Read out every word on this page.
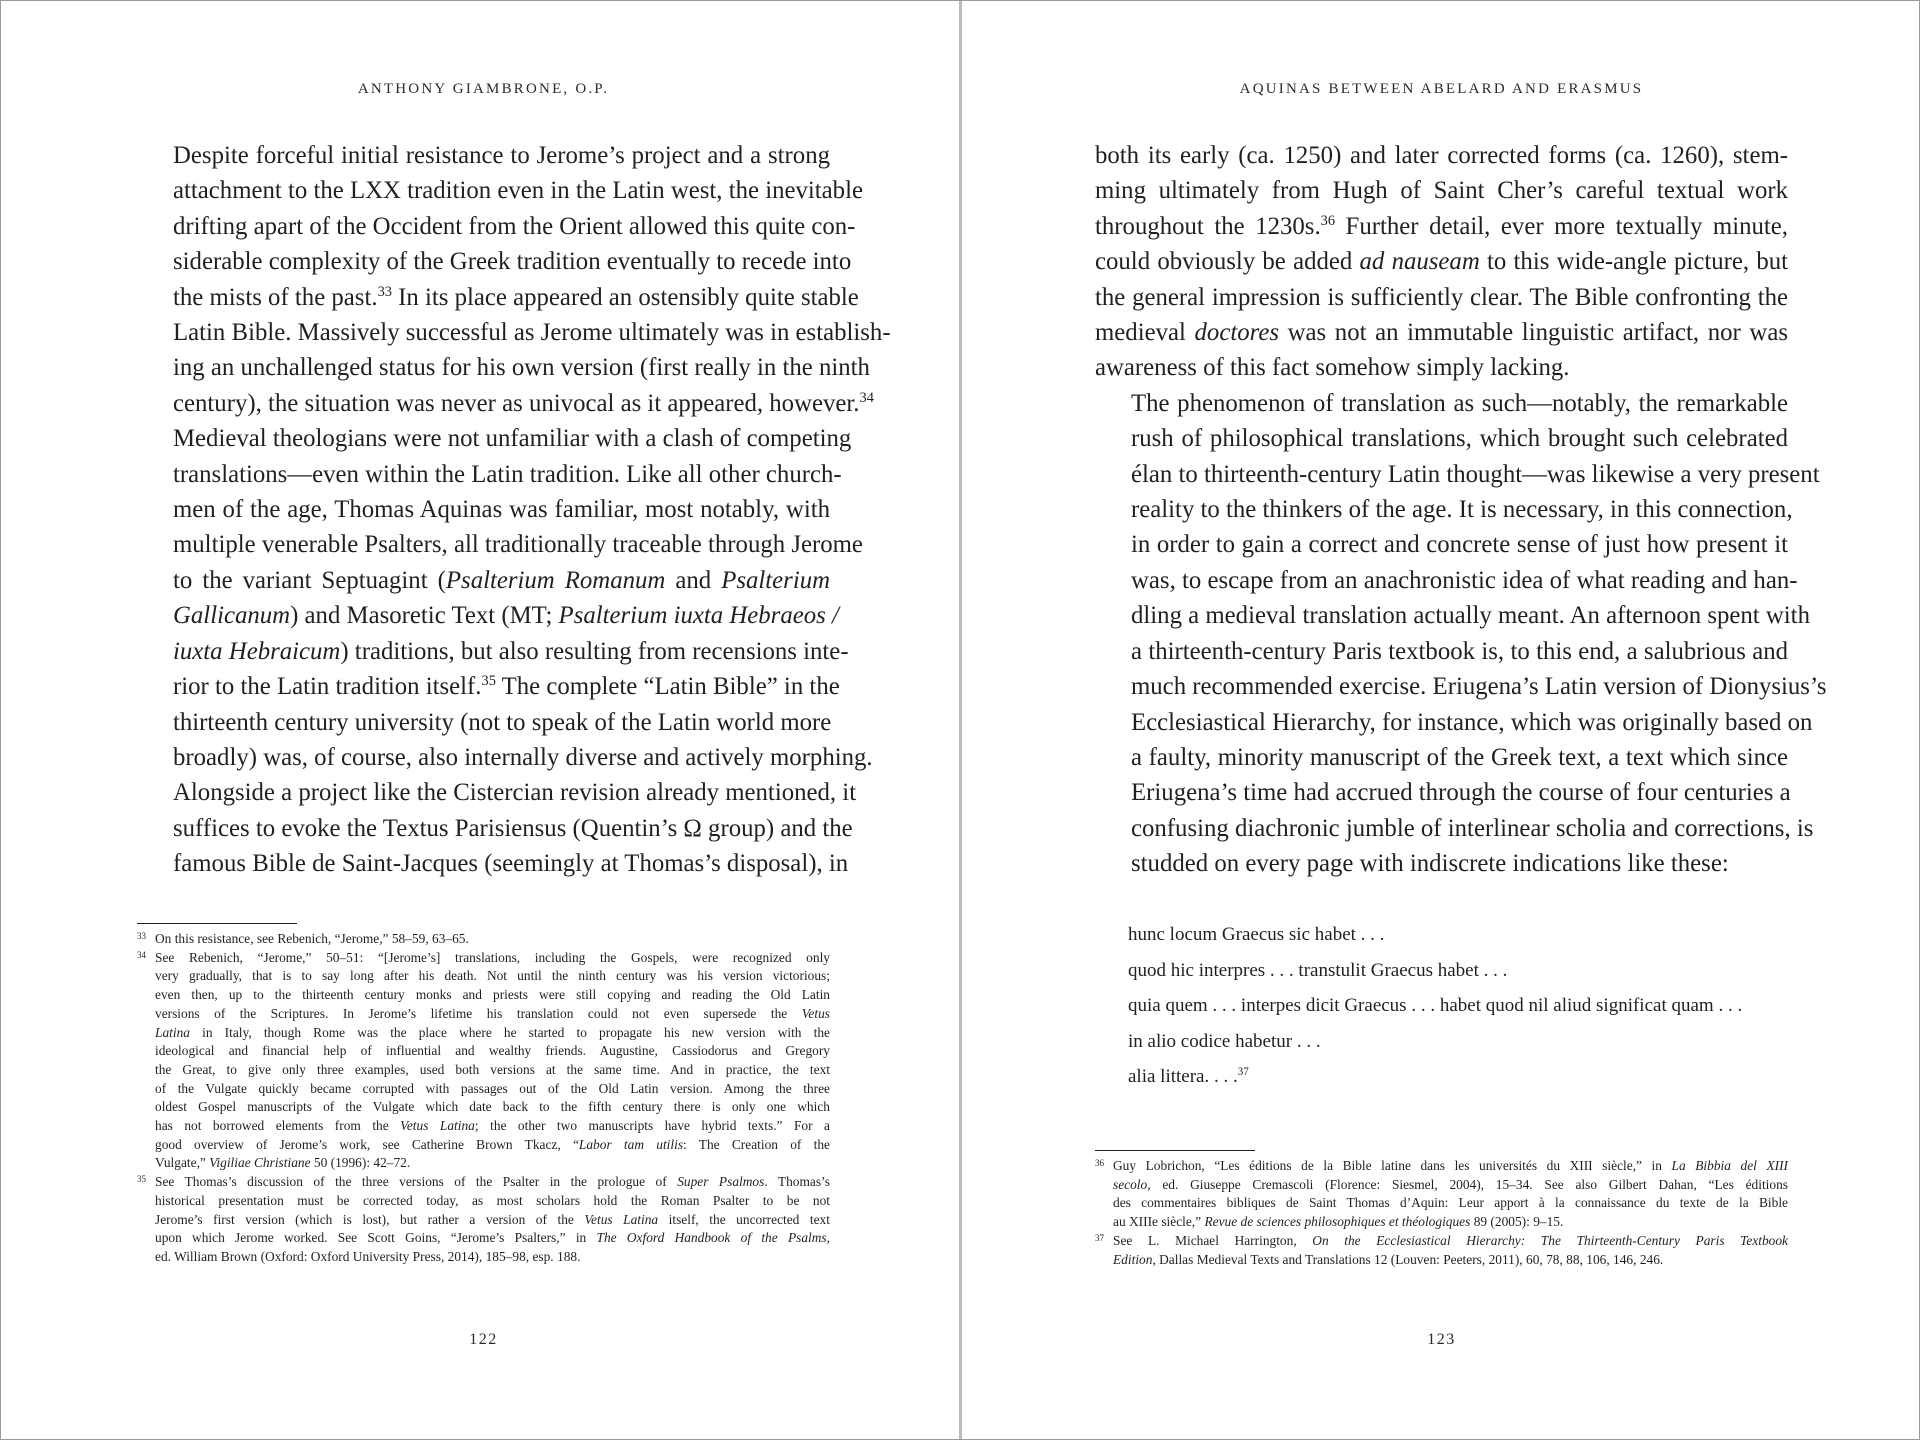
ANTHONY GIAMBRONE, O.P.

Despite forceful initial resistance to Jerome’s project and a strong
attachment to the LXX tradition even in the Latin west, the inevitable
drifting apart of the Occident from the Orient allowed this quite con-
siderable complexity of the Greek tradition eventually to recede into
the mists of the past.$^{33}$ In its place appeared an ostensibly quite stable
Latin Bible. Massively successful as Jerome ultimately was in establish-
ing an unchallenged status for his own version (first really in the ninth
century), the situation was never as univocal as it appeared, however.$^{34}$
Medieval theologians were not unfamiliar with a clash of competing
translations—even within the Latin tradition. Like all other church-
men of the age, Thomas Aquinas was familiar, most notably, with
multiple venerable Psalters, all traditionally traceable through Jerome
to the variant Septuagint (Psalterium Romanum and Psalterium
Gallicanum) and Masoretic Text (MT; Psalterium iuxta Hebraeos /
iuxta Hebraicum) traditions, but also resulting from recensions inte-
rior to the Latin tradition itself.$^{35}$ The complete “Latin Bible” in the
thirteenth century university (not to speak of the Latin world more
broadly) was, of course, also internally diverse and actively morphing.
Alongside a project like the Cistercian revision already mentioned, it
suffices to evoke the Textus Parisiensus (Quentin’s Ω group) and the
famous Bible de Saint-Jacques (seemingly at Thomas’s disposal), in

33 On this resistance, see Rebenich, “Jerome,” 58–59, 63–65.
34 See Rebenich, “Jerome,” 50–51: “[Jerome’s] translations, including the Gospels, were recognized only
very gradually, that is to say long after his death. Not until the ninth century was his version victorious;
even then, up to the thirteenth century monks and priests were still copying and reading the Old Latin
versions of the Scriptures. In Jerome’s lifetime his translation could not even supersede the Vetus
Latina in Italy, though Rome was the place where he started to propagate his new version with the
ideological and financial help of influential and wealthy friends. Augustine, Cassiodorus and Gregory
the Great, to give only three examples, used both versions at the same time. And in practice, the text
of the Vulgate quickly became corrupted with passages out of the Old Latin version. Among the three
oldest Gospel manuscripts of the Vulgate which date back to the fifth century there is only one which
has not borrowed elements from the Vetus Latina; the other two manuscripts have hybrid texts.” For a
good overview of Jerome’s work, see Catherine Brown Tkacz, “Labor tam utilis: The Creation of the
Vulgate,” Vigiliae Christiane 50 (1996): 42–72.
35 See Thomas’s discussion of the three versions of the Psalter in the prologue of Super Psalmos. Thomas’s
historical presentation must be corrected today, as most scholars hold the Roman Psalter to be not
Jerome’s first version (which is lost), but rather a version of the Vetus Latina itself, the uncorrected text
upon which Jerome worked. See Scott Goins, “Jerome’s Psalters,” in The Oxford Handbook of the Psalms,
ed. William Brown (Oxford: Oxford University Press, 2014), 185–98, esp. 188.
122
AQUINAS BETWEEN ABELARD AND ERASMUS

both its early (ca. 1250) and later corrected forms (ca. 1260), stem-
ming ultimately from Hugh of Saint Cher’s careful textual work
throughout the 1230s.$^{36}$ Further detail, ever more textually minute,
could obviously be added ad nauseam to this wide-angle picture, but
the general impression is sufficiently clear. The Bible confronting the
medieval doctores was not an immutable linguistic artifact, nor was
awareness of this fact somehow simply lacking.

The phenomenon of translation as such—notably, the remarkable
rush of philosophical translations, which brought such celebrated
élan to thirteenth-century Latin thought—was likewise a very present
reality to the thinkers of the age. It is necessary, in this connection,
in order to gain a correct and concrete sense of just how present it
was, to escape from an anachronistic idea of what reading and han-
dling a medieval translation actually meant. An afternoon spent with
a thirteenth-century Paris textbook is, to this end, a salubrious and
much recommended exercise. Eriugena’s Latin version of Dionysius’s
Ecclesiastical Hierarchy, for instance, which was originally based on
a faulty, minority manuscript of the Greek text, a text which since
Eriugena’s time had accrued through the course of four centuries a
confusing diachronic jumble of interlinear scholia and corrections, is
studded on every page with indiscrete indications like these:

hunc locum Graecus sic habet . . .
quod hic interpres . . . transtulit Graecus habet . . .
quia quem . . . interpes dicit Graecus . . . habet quod nil aliud significat quam . . .
in alio codice habetur . . .
alia littera. . . .$^{37}$
36 Guy Lobrichon, “Les éditions de la Bible latine dans les universités du XIII siècle,” in La Bibbia del XIII
secolo, ed. Giuseppe Cremascoli (Florence: Siesmel, 2004), 15–34. See also Gilbert Dahan, “Les éditions
des commentaires bibliques de Saint Thomas d’Aquin: Leur apport à la connaissance du texte de la Bible
au XIIIe siècle,” Revue de sciences philosophiques et théologiques 89 (2005): 9–15.
37 See L. Michael Harrington, On the Ecclesiastical Hierarchy: The Thirteenth-Century Paris Textbook
Edition, Dallas Medieval Texts and Translations 12 (Louven: Peeters, 2011), 60, 78, 88, 106, 146, 246.
123
